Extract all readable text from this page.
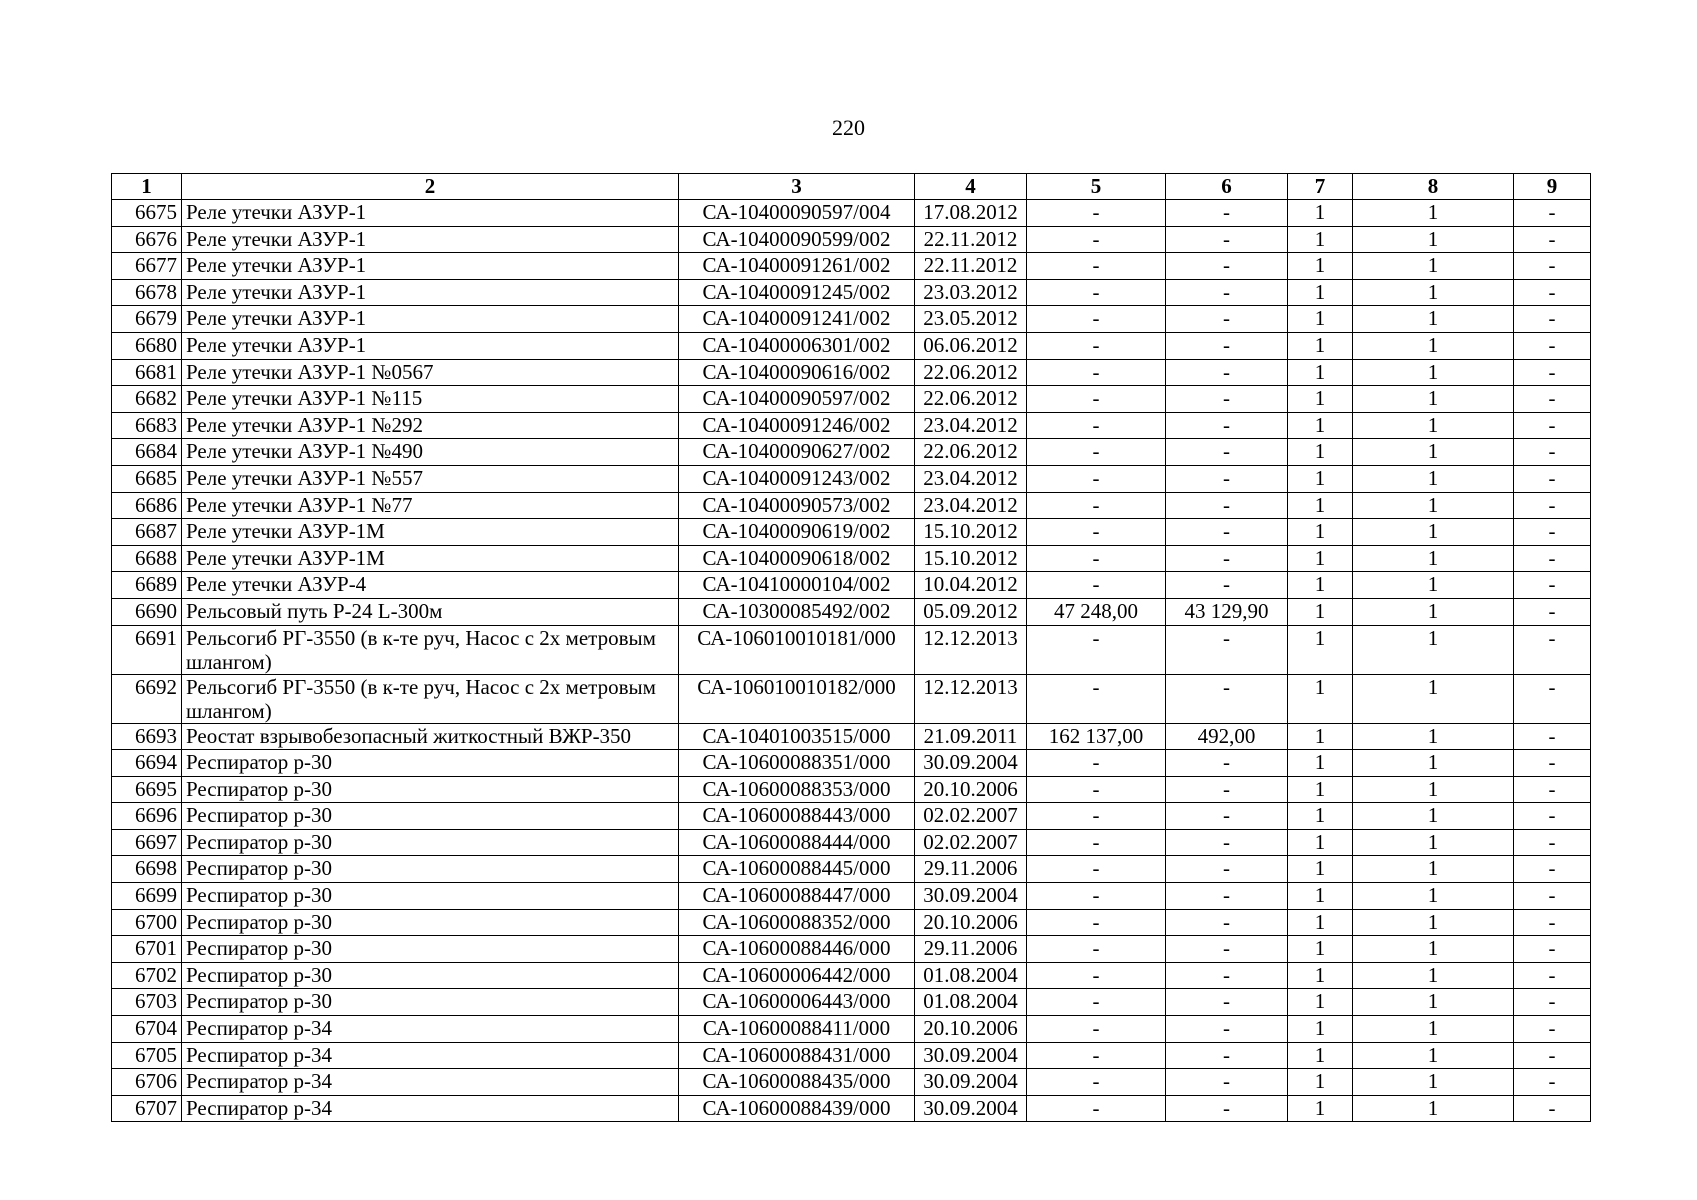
220
1	2	3	4	5	6	7	8	9
6675	Реле утечки АЗУР-1	СА-10400090597/004	17.08.2012	-	-	1	1	-
6676	Реле утечки АЗУР-1	СА-10400090599/002	22.11.2012	-	-	1	1	-
6677	Реле утечки АЗУР-1	СА-10400091261/002	22.11.2012	-	-	1	1	-
6678	Реле утечки АЗУР-1	СА-10400091245/002	23.03.2012	-	-	1	1	-
6679	Реле утечки АЗУР-1	СА-10400091241/002	23.05.2012	-	-	1	1	-
6680	Реле утечки АЗУР-1	СА-10400006301/002	06.06.2012	-	-	1	1	-
6681	Реле утечки АЗУР-1 №0567	СА-10400090616/002	22.06.2012	-	-	1	1	-
6682	Реле утечки АЗУР-1 №115	СА-10400090597/002	22.06.2012	-	-	1	1	-
6683	Реле утечки АЗУР-1 №292	СА-10400091246/002	23.04.2012	-	-	1	1	-
6684	Реле утечки АЗУР-1 №490	СА-10400090627/002	22.06.2012	-	-	1	1	-
6685	Реле утечки АЗУР-1 №557	СА-10400091243/002	23.04.2012	-	-	1	1	-
6686	Реле утечки АЗУР-1 №77	СА-10400090573/002	23.04.2012	-	-	1	1	-
6687	Реле утечки АЗУР-1М	СА-10400090619/002	15.10.2012	-	-	1	1	-
6688	Реле утечки АЗУР-1М	СА-10400090618/002	15.10.2012	-	-	1	1	-
6689	Реле утечки АЗУР-4	СА-10410000104/002	10.04.2012	-	-	1	1	-
6690	Рельсовый путь Р-24 L-300м	СА-10300085492/002	05.09.2012	47 248,00	43 129,90	1	1	-
6691	Рельсогиб РГ-3550 (в к-те руч, Насос с 2х метровым шлангом)	СА-106010010181/000	12.12.2013	-	-	1	1	-
6692	Рельсогиб РГ-3550 (в к-те руч, Насос с 2х метровым шлангом)	СА-106010010182/000	12.12.2013	-	-	1	1	-
6693	Реостат взрывобезопасный житкостный ВЖР-350	СА-10401003515/000	21.09.2011	162 137,00	492,00	1	1	-
6694	Респиратор р-30	СА-10600088351/000	30.09.2004	-	-	1	1	-
6695	Респиратор р-30	СА-10600088353/000	20.10.2006	-	-	1	1	-
6696	Респиратор р-30	СА-10600088443/000	02.02.2007	-	-	1	1	-
6697	Респиратор р-30	СА-10600088444/000	02.02.2007	-	-	1	1	-
6698	Респиратор р-30	СА-10600088445/000	29.11.2006	-	-	1	1	-
6699	Респиратор р-30	СА-10600088447/000	30.09.2004	-	-	1	1	-
6700	Респиратор р-30	СА-10600088352/000	20.10.2006	-	-	1	1	-
6701	Респиратор р-30	СА-10600088446/000	29.11.2006	-	-	1	1	-
6702	Респиратор р-30	СА-10600006442/000	01.08.2004	-	-	1	1	-
6703	Респиратор р-30	СА-10600006443/000	01.08.2004	-	-	1	1	-
6704	Респиратор р-34	СА-10600088411/000	20.10.2006	-	-	1	1	-
6705	Респиратор р-34	СА-10600088431/000	30.09.2004	-	-	1	1	-
6706	Респиратор р-34	СА-10600088435/000	30.09.2004	-	-	1	1	-
6707	Респиратор р-34	СА-10600088439/000	30.09.2004	-	-	1	1	-
